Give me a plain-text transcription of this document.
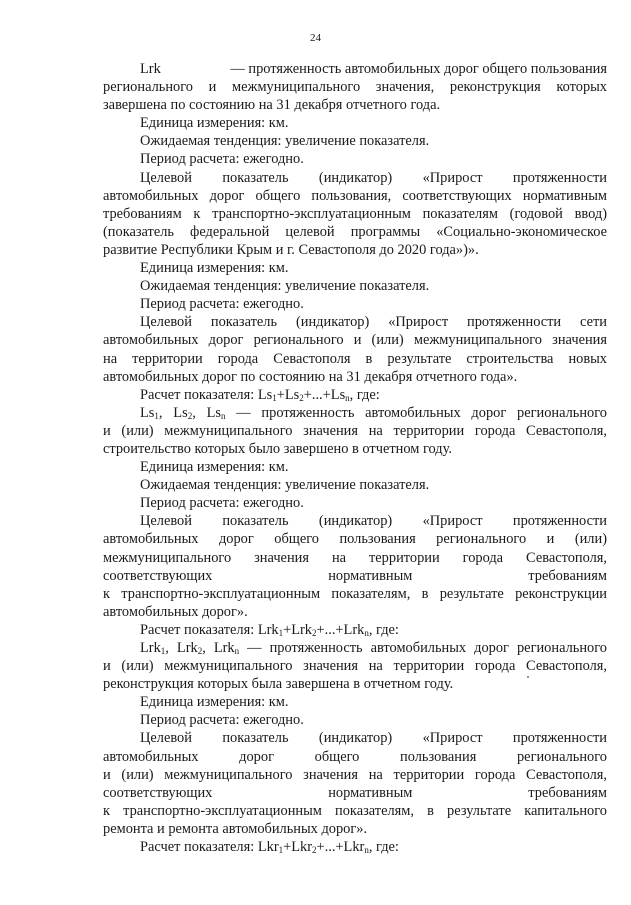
24

Lrk	— протяженность автомобильных дорог общего пользования

регионального и межмуниципального значения, реконструкция которых

завершена по состоянию на 31 декабря отчетного года.

Единица измерения: км.

Ожидаемая тенденция: увеличение показателя.

Период расчета: ежегодно.

Целевой показатель (индикатор) «Прирост протяженности

автомобильных дорог общего пользования, соответствующих нормативным

требованиям к транспортно-эксплуатационным показателям (годовой ввод)

(показатель федеральной целевой программы «Социально-экономическое

развитие Республики Крым и г. Севастополя до 2020 года»)».

Единица измерения: км.

Ожидаемая тенденция: увеличение показателя.

Период расчета: ежегодно.

Целевой показатель (индикатор) «Прирост протяженности сети

автомобильных дорог регионального и (или) межмуниципального значения

на территории города Севастополя в результате строительства новых

автомобильных дорог по состоянию на 31 декабря отчетного года».

Расчет показателя: $Ls_1+Ls_2+...+Ls_n$, где:

$Ls_1$, $Ls_2$, $Ls_n$ — протяженность автомобильных дорог регионального

и (или) межмуниципального значения на территории города Севастополя,

строительство которых было завершено в отчетном году.

Единица измерения: км.

Ожидаемая тенденция: увеличение показателя.

Период расчета: ежегодно.

Целевой показатель (индикатор) «Прирост протяженности

автомобильных дорог общего пользования регионального и (или)

межмуниципального значения на территории города Севастополя,

соответствующих	нормативным	требованиям

к транспортно-эксплуатационным показателям, в результате реконструкции

автомобильных дорог».

Расчет показателя: Lrk$_1$+Lrk$_2$+...+Lrk$_n$, где:

Lrk$_1$, Lrk$_2$, Lrk$_n$ — протяженность автомобильных дорог регионального

и (или) межмуниципального значения на территории города Севастополя,

реконструкция которых была завершена в отчетном году.

Единица измерения: км.

Период расчета: ежегодно.

Целевой показатель (индикатор) «Прирост протяженности

автомобильных	дорог	общего	пользования	регионального

и (или) межмуниципального значения на территории города Севастополя,

соответствующих	нормативным	требованиям

к транспортно-эксплуатационным показателям, в результате капитального

ремонта и ремонта автомобильных дорог».

Расчет показателя: Lkr$_1$+Lkr$_2$+...+Lkr$_n$, где:
